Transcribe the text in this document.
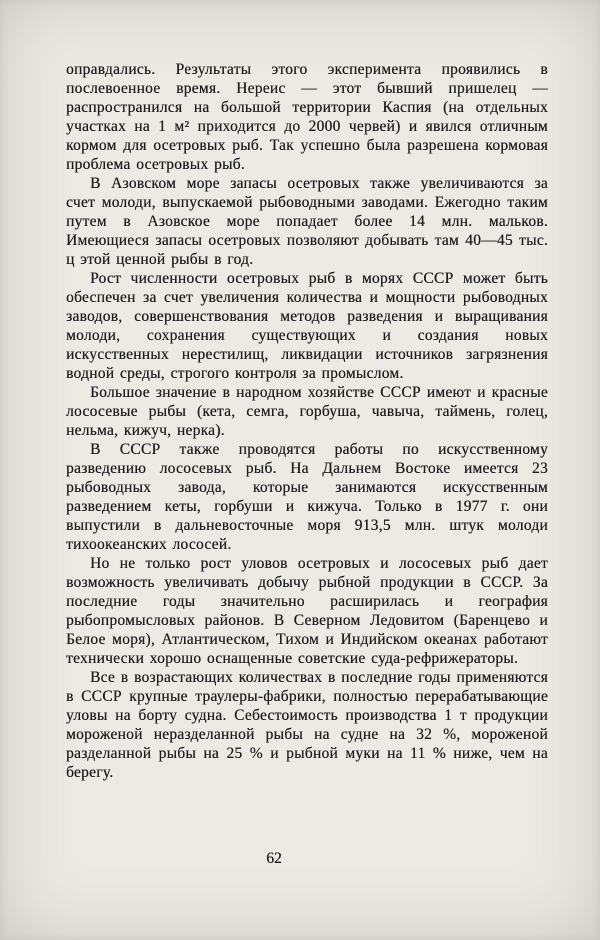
оправдались. Результаты этого эксперимента проявились в послевоенное время. Нереис — этот бывший пришелец — распространился на большой территории Каспия (на отдельных участках на 1 м² приходится до 2000 червей) и явился отличным кормом для осетровых рыб. Так успешно была разрешена кормовая проблема осетровых рыб.

В Азовском море запасы осетровых также увеличиваются за счет молоди, выпускаемой рыбоводными заводами. Ежегодно таким путем в Азовское море попадает более 14 млн. мальков. Имеющиеся запасы осетровых позволяют добывать там 40—45 тыс. ц этой ценной рыбы в год.

Рост численности осетровых рыб в морях СССР может быть обеспечен за счет увеличения количества и мощности рыбоводных заводов, совершенствования методов разведения и выращивания молоди, сохранения существующих и создания новых искусственных нерестилищ, ликвидации источников загрязнения водной среды, строгого контроля за промыслом.

Большое значение в народном хозяйстве СССР имеют и красные лососевые рыбы (кета, семга, горбуша, чавыча, таймень, голец, нельма, кижуч, нерка).

В СССР также проводятся работы по искусственному разведению лососевых рыб. На Дальнем Востоке имеется 23 рыбоводных завода, которые занимаются искусственным разведением кеты, горбуши и кижуча. Только в 1977 г. они выпустили в дальневосточные моря 913,5 млн. штук молоди тихоокеанских лососей.

Но не только рост уловов осетровых и лососевых рыб дает возможность увеличивать добычу рыбной продукции в СССР. За последние годы значительно расширилась и география рыбопромысловых районов. В Северном Ледовитом (Баренцево и Белое моря), Атлантическом, Тихом и Индийском океанах работают технически хорошо оснащенные советские суда-рефрижераторы.

Все в возрастающих количествах в последние годы применяются в СССР крупные траулеры-фабрики, полностью перерабатывающие уловы на борту судна. Себестоимость производства 1 т продукции мороженой неразделанной рыбы на судне на 32 %, мороженой разделанной рыбы на 25 % и рыбной муки на 11 % ниже, чем на берегу.

62
